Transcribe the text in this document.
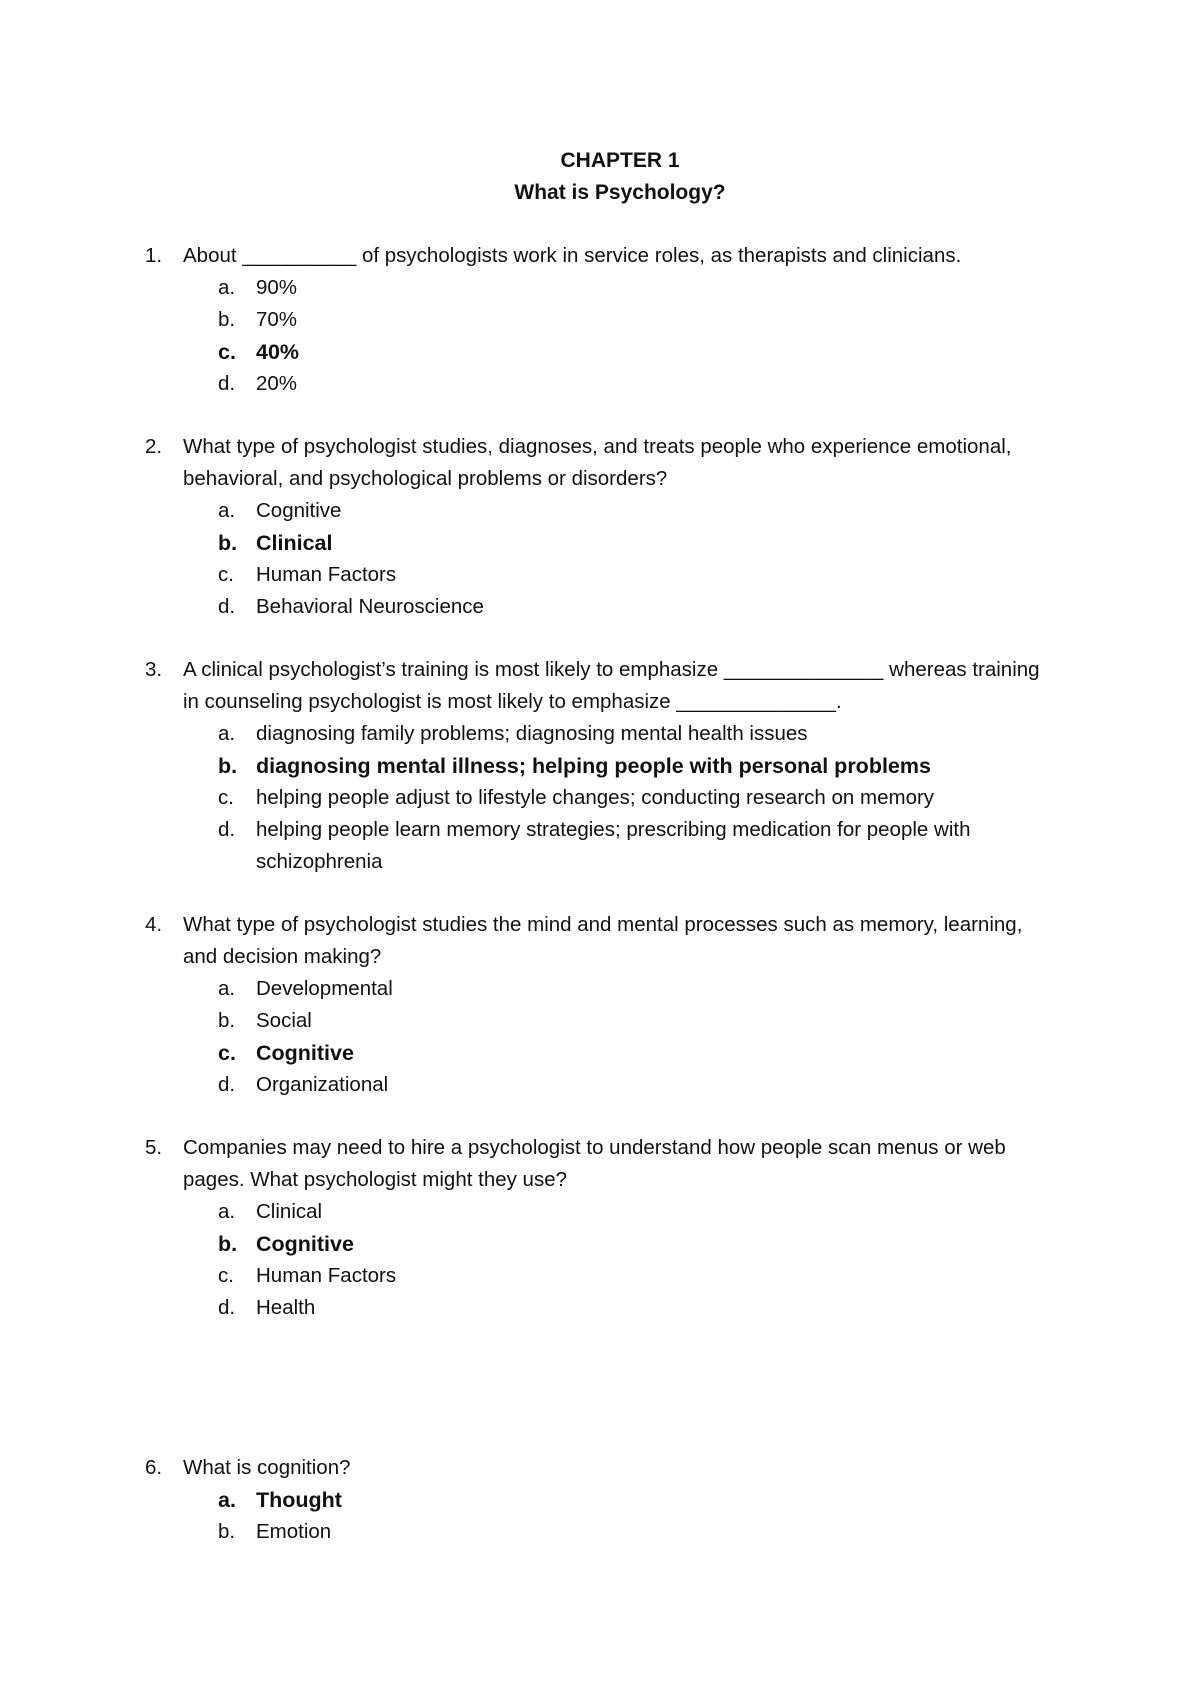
CHAPTER 1
What is Psychology?
1.	About __________ of psychologists work in service roles, as therapists and clinicians.
a.	90%
b.	70%
c. 40%
d.	20%
2.	What type of psychologist studies, diagnoses, and treats people who experience emotional, behavioral, and psychological problems or disorders?
a.	Cognitive
b. Clinical
c.	Human Factors
d.	Behavioral Neuroscience
3.	A clinical psychologist’s training is most likely to emphasize ______________ whereas training in counseling psychologist is most likely to emphasize ______________.
a.	diagnosing family problems; diagnosing mental health issues
b. diagnosing mental illness; helping people with personal problems
c.	helping people adjust to lifestyle changes; conducting research on memory
d.	helping people learn memory strategies; prescribing medication for people with schizophrenia
4.	What type of psychologist studies the mind and mental processes such as memory, learning, and decision making?
a.	Developmental
b.	Social
c. Cognitive
d.	Organizational
5.	Companies may need to hire a psychologist to understand how people scan menus or web pages. What psychologist might they use?
a.	Clinical
b. Cognitive
c.	Human Factors
d.	Health
6.	What is cognition?
a. Thought
b.	Emotion
